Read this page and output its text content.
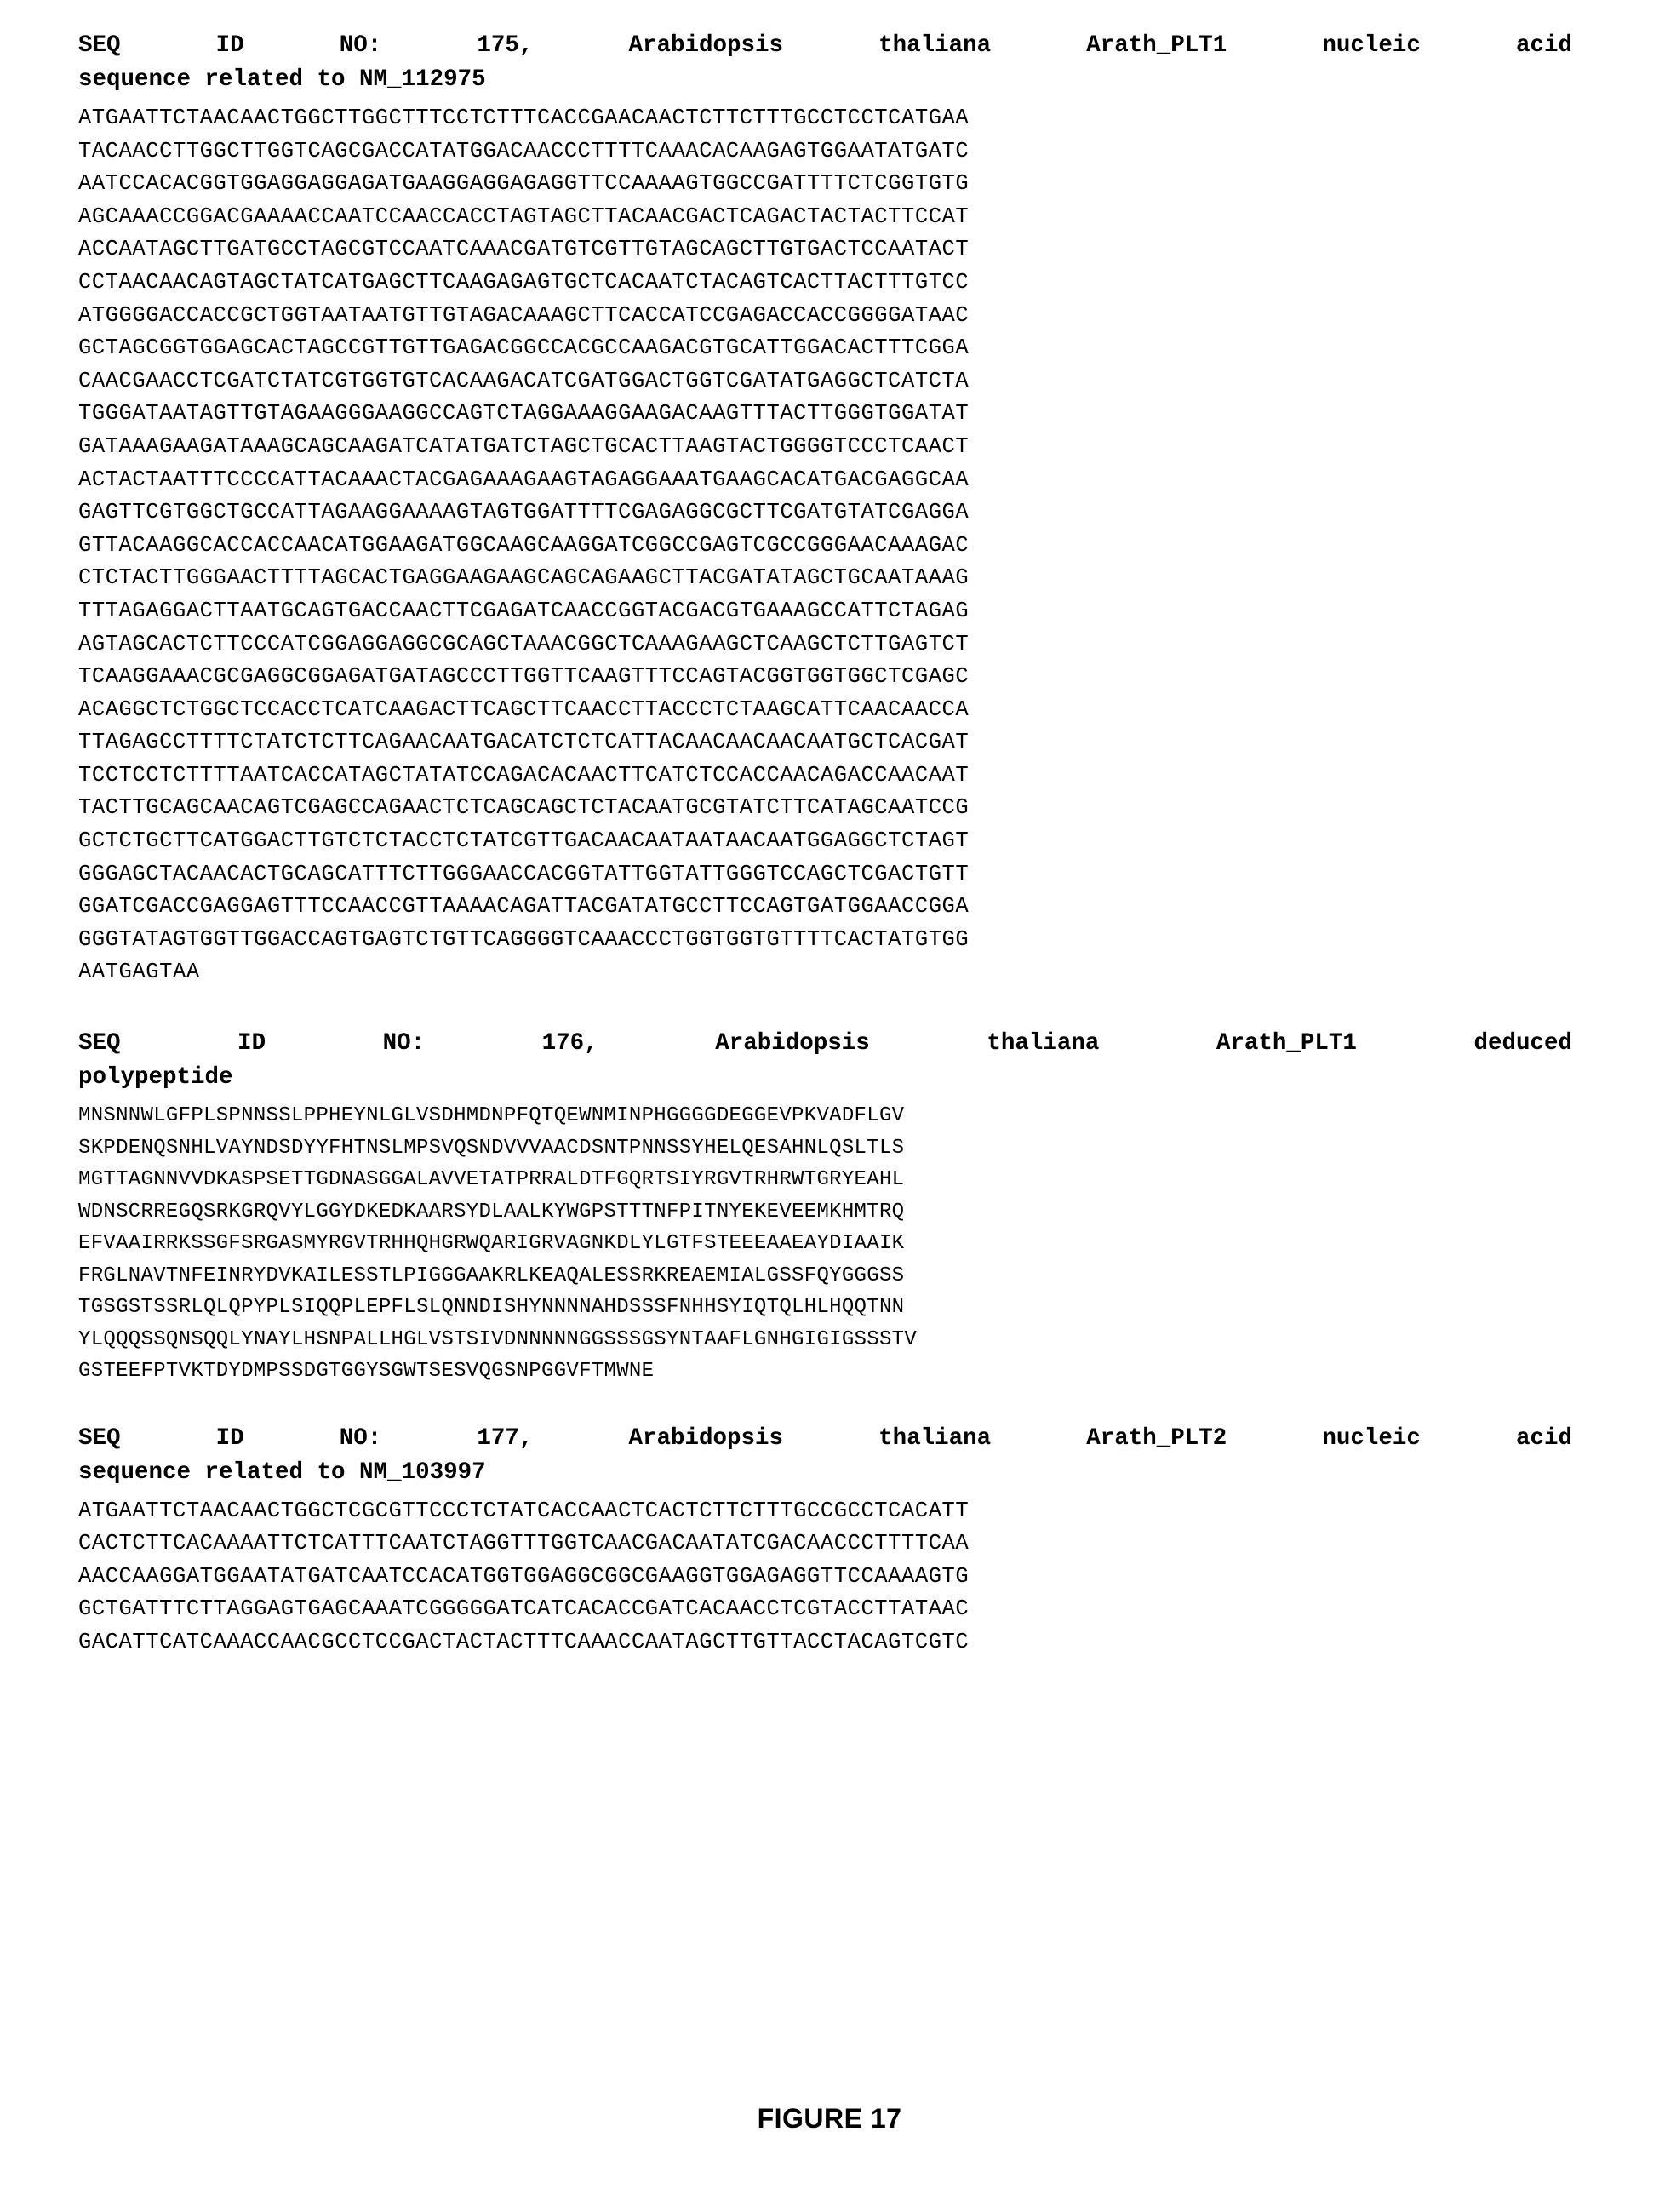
SEQ ID NO: 175, Arabidopsis thaliana Arath_PLT1 nucleic acid
sequence related to NM_112975
ATGAATTCTAACAACTGGCTTGGCTTTCCTCTTTCACCGAACAACTCTTCTTTGCCTCCTCATGAA
TACAACCTTGGCTTGGTCAGCGACCATATGGACAACCCTTTTCAAACACAAGAGTGGAATATGATC
AATCCACACGGTGGAGGAGGAGATGAAGGAGGAGAGGTTCCAAAAGTGGCCGATTTTCTCGGTGTG
AGCAAACCGGACGAAAACCAATCCAACCACCTAGTAGCTTACAACGACTCAGACTACTACTTCCAT
ACCAATAGCTTGATGCCTAGCGTCCAATCAAACGATGTCGTTGTAGCAGCTTGTGACTCCAATACT
CCTAACAACAGTAGCTATCATGAGCTTCAAGAGAGTGCTCACAATCTACAGTCACTTACTTTGTCC
ATGGGGACCACCGCTGGTAATAATGTTGTAGACAAAGCTTCACCATCCGAGACCACCGGGGATAAC
GCTAGCGGTGGAGCACTAGCCGTTGTTGAGACGGCCACGCCAAGACGTGCATTGGACACTTTCGGA
CAACGAACCTCGATCTATCGTGGTGTCACAAGACATCGATGGACTGGTCGATATGAGGCTCATCTA
TGGGATAATAGTTGTAGAAGGGAAGGCCAGTCTAGGAAAGGAAGACAAGTTTACTTGGGTGGATAT
GATAAAGAAGATAAAGCAGCAAGATCATATGATCTAGCTGCACTTAAGTACTGGGGTCCCTCAACT
ACTACTAATTTCCCCATTACAAACTACGAGAAAGAAGTAGAGGAAATGAAGCACATGACGAGGCAA
GAGTTCGTGGCTGCCATTAGAAGGAAAAGTAGTGGATTTTCGAGAGGCGCTTCGATGTATCGAGGA
GTTACAAGGCACCACCAACATGGAAGATGGCAAGCAAGGATCGGCCGAGTCGCCGGGAACAAAGAC
CTCTACTTGGGAACTTTTAGCACTGAGGAAGAAGCAGCAGAAGCTTACGATATAGCTGCAATAAAG
TTTAGAGGACTTAATGCAGTGACCAACTTCGAGATCAACCGGTACGACGTGAAAGCCATTCTAGAG
AGTAGCACTCTTCCCATCGGAGGAGGCGCAGCTAAACGGCTCAAAGAAGCTCAAGCTCTTGAGTCT
TCAAGGAAACGCGAGGCGGAGATGATAGCCCTTGGTTCAAGTTTCCAGTACGGTGGTGGCTCGAGC
ACAGGCTCTGGCTCCACCTCATCAAGACTTCAGCTTCAACCTTACCCTCTAAGCATTCAACAACCA
TTAGAGCCTTTTCTATCTCTTCAGAACAATGACATCTCTCATTACAACAACAACAATGCTCACGAT
TCCTCCTCTTTTAATCACCATAGCTATATCCAGACACAACTTCATCTCCACCAACAGACCAACAAT
TACTTGCAGCAACAGTCGAGCCAGAACTCTCAGCAGCTCTACAATGCGTATCTTCATAGCAATCCG
GCTCTGCTTCATGGACTTGTCTCTACCTCTATCGTTGACAACAATAATAACAATGGAGGCTCTAGT
GGGAGCTACAACACTGCAGCATTTCTTGGGAACCACGGTATTGGTATTGGGTCCAGCTCGACTGTT
GGATCGACCGAGGAGTTTCCAACCGTTAAAACAGATTACGATATGCCTTCCAGTGATGGAACCGGA
GGGTATAGTGGTTGGACCAGTGAGTCTGTTCAGGGGTCAAACCCTGGTGGTGTTTTCACTATGTGG
AATGAGTAA
SEQ ID NO: 176, Arabidopsis thaliana Arath_PLT1 deduced
polypeptide
MNSNNWLGFPLSPNNSSLPPHEYNLGLVSDHMDNPFQTQEWNMINPHGGGGDEGGEVPKVADFLGV
SKPDENQSNHLVAYNDSDYYFHTNSLMPSVQSNDVVVAACDSNTPNNSSYHELQESAHNLQSLTLS
MGTTAGNNVVDKASPSETTGDNASGGALAVVETATPRRALDTFGQRTSIYRGVTRHRWTGRYEAHL
WDNSCRREGQSRKGRQVYLGGYDKEDKAARSYDLAALKYWGPSTTTNFPITNYEKEVEEMKHMTRQ
EFVAAIRRKSSGFSRGASMYRGVTRHHQHGRWQARIGRVAGNKDLYLGTFSTEEEAAEAYDIAAIK
FRGLNAVTNFEINRYDVKAILESSTLPIGGGAAKRLKEAQALESSRKREAEMIALGSSFQYGGGSS
TGSGSTSSRLQLQPYPLSIQQPLEPFLSLQNNDISHYNNNNAHDSSSFNHHSYIQTQLHLHQQTNN
YLQQQSSQNSQQLYNAYLHSNPALLHGLVSTSIVDNNNNNGGSSSGSYNTAAFLGNHGIGIGSSSTV
GSTEEFPTVKTDYDMPSSDGTGGYSGWTSESVQGSNPGGVFTMWNE
SEQ ID NO: 177, Arabidopsis thaliana Arath_PLT2 nucleic acid
sequence related to NM_103997
ATGAATTCTAACAACTGGCTCGCGTTCCCTCTATCACCAACTCACTCTTCTTTGCCGCCTCACATT
CACTCTTCACAAAATTCTCATTTCAATCTAGGTTTGGTCAACGACAATATCGACAACCCTTTTCAA
AACCAAGGATGGAATATGATCAATCCACATGGTGGAGGCGGCGAAGGTGGAGAGGTTCCAAAAGTG
GCTGATTTCTTAGGAGTGAGCAAATCGGGGGATCATCACACCGATCACAACCTCGTACCTTATAAC
GACATTCATCAAACCAACGCCTCCGACTACTACTTTCAAACCAATAGCTTGTTACCTACAGTCGTC
FIGURE 17
